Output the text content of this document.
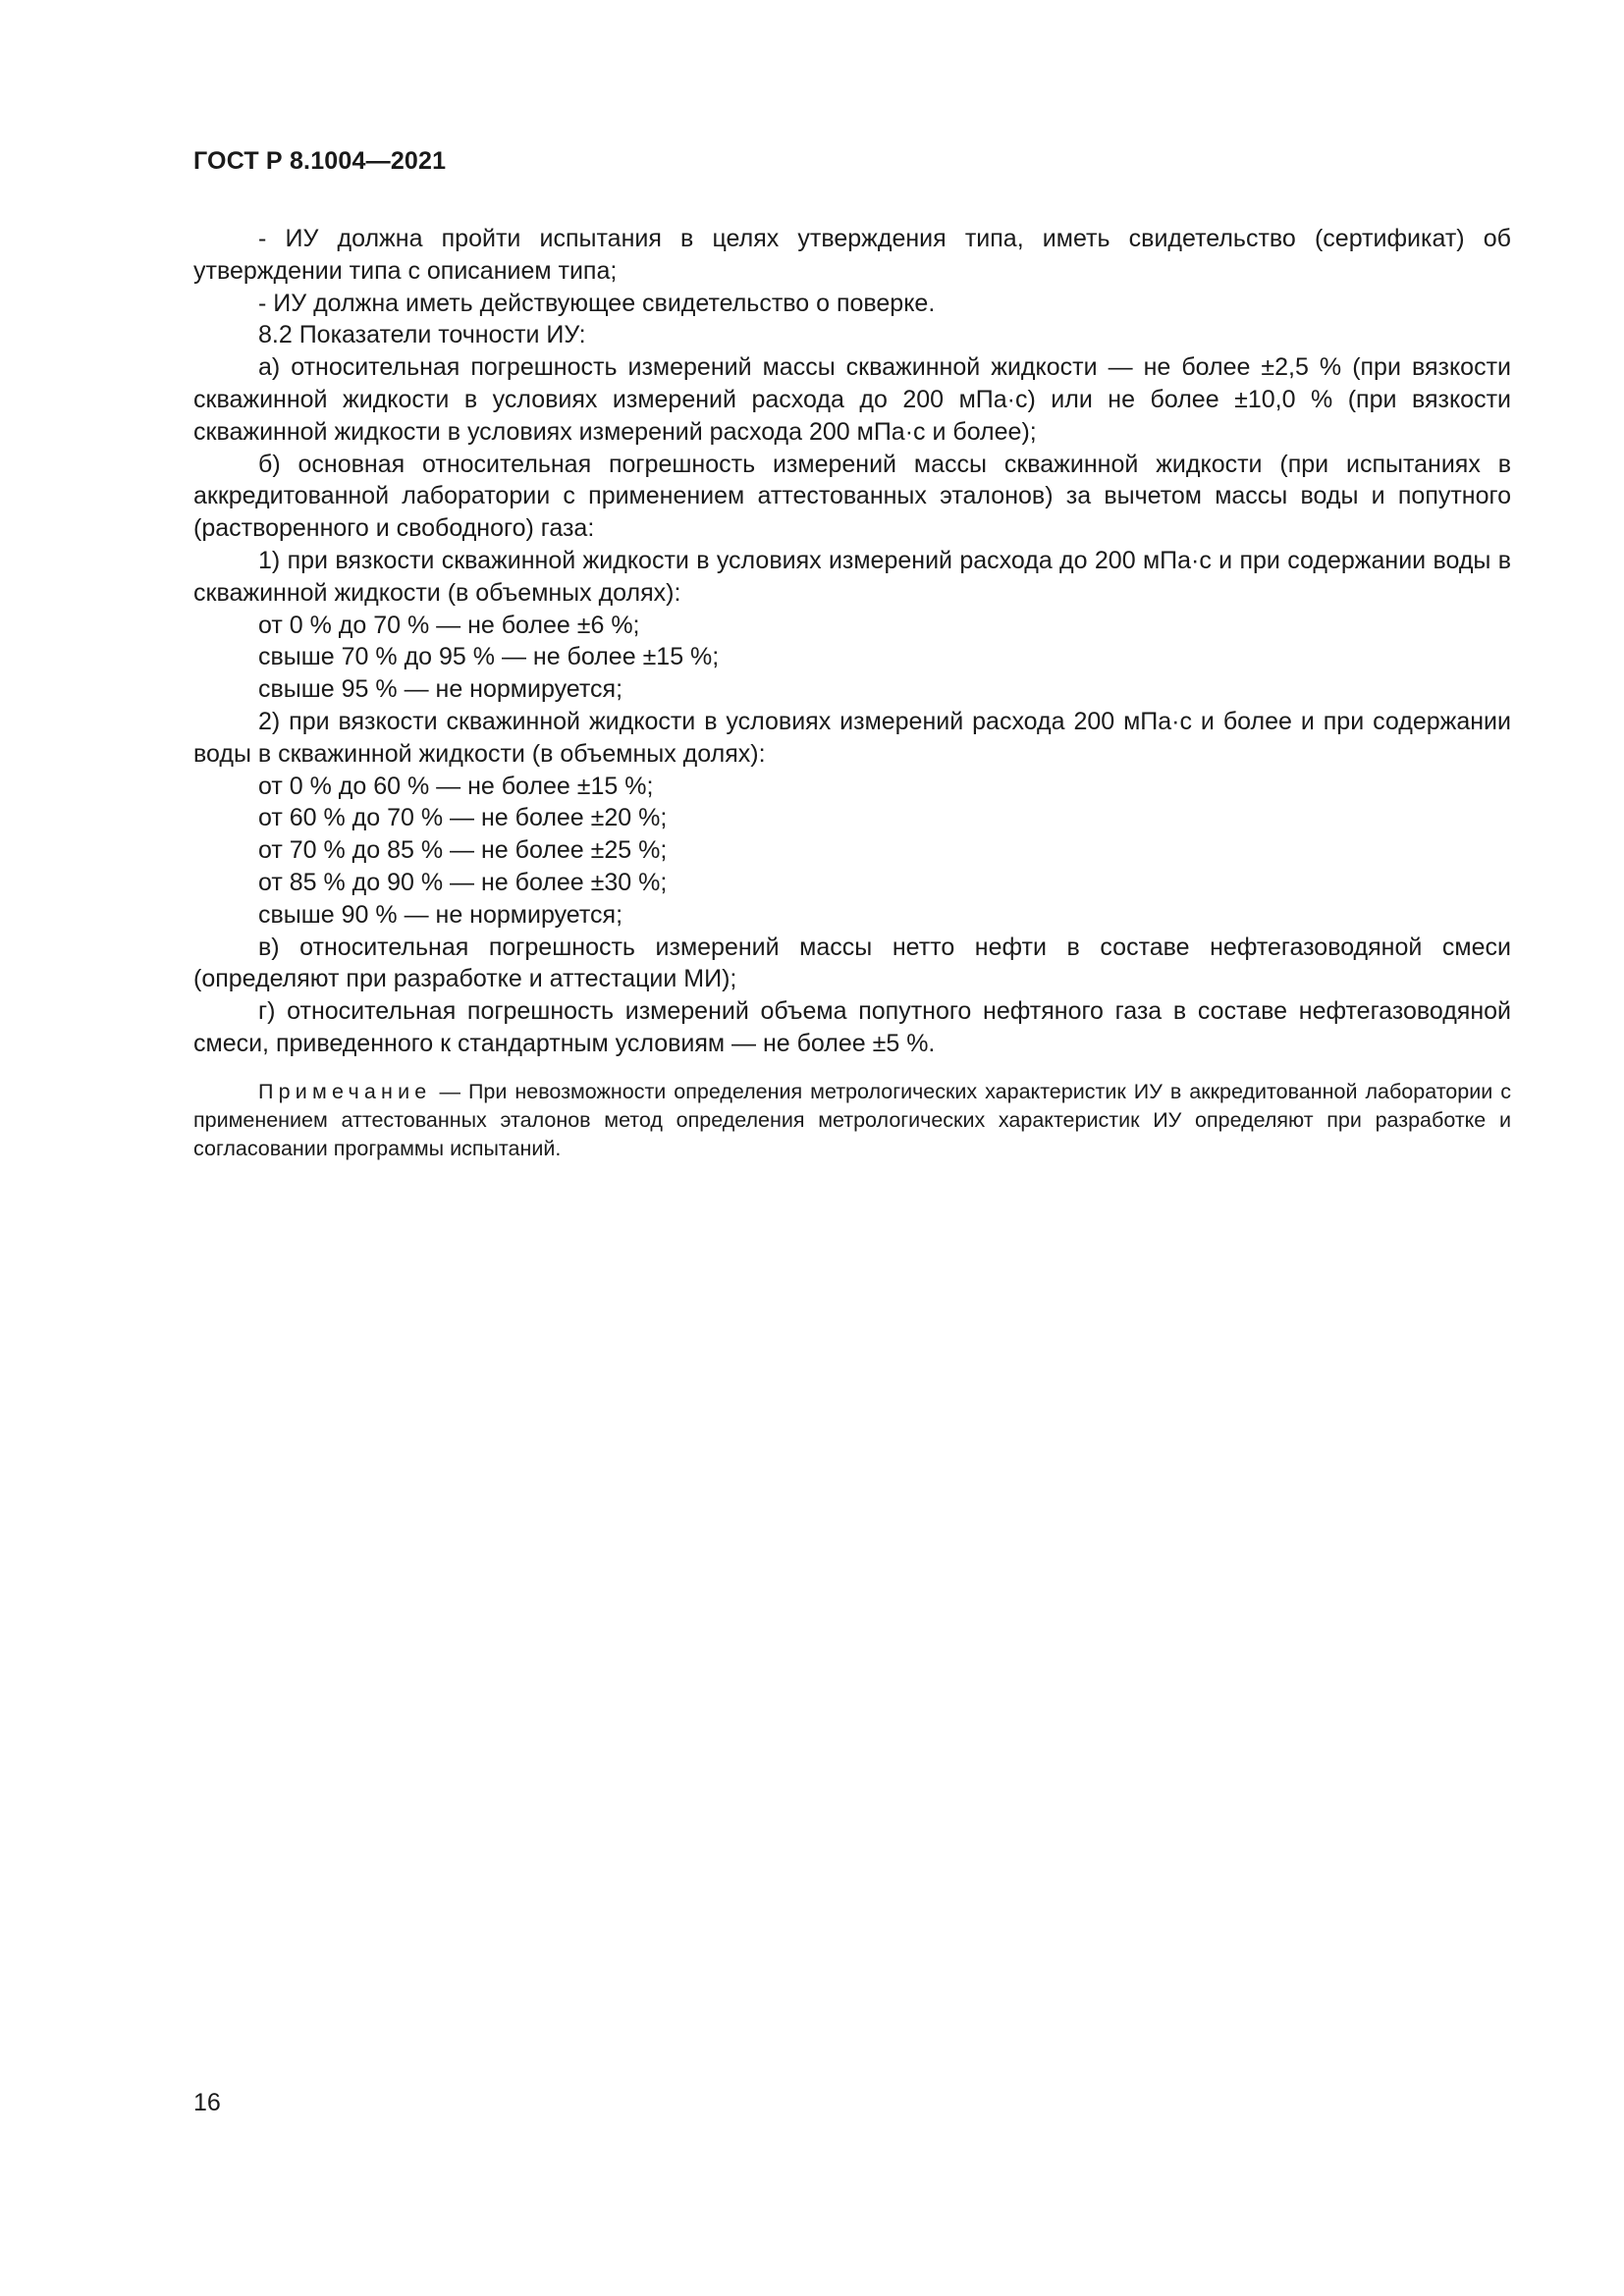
ГОСТ Р 8.1004—2021

- ИУ должна пройти испытания в целях утверждения типа, иметь свидетельство (сертификат) об утверждении типа с описанием типа;

- ИУ должна иметь действующее свидетельство о поверке.

8.2 Показатели точности ИУ:

а) относительная погрешность измерений массы скважинной жидкости — не более ±2,5 % (при вязкости скважинной жидкости в условиях измерений расхода до 200 мПа·с) или не более ±10,0 % (при вязкости скважинной жидкости в условиях измерений расхода 200 мПа·с и более);

б) основная относительная погрешность измерений массы скважинной жидкости (при испытаниях в аккредитованной лаборатории с применением аттестованных эталонов) за вычетом массы воды и попутного (растворенного и свободного) газа:

1) при вязкости скважинной жидкости в условиях измерений расхода до 200 мПа·с и при содержании воды в скважинной жидкости (в объемных долях):

от 0 % до 70 % — не более ±6 %;

свыше 70 % до 95 % — не более ±15 %;

свыше 95 % — не нормируется;

2) при вязкости скважинной жидкости в условиях измерений расхода 200 мПа·с и более и при содержании воды в скважинной жидкости (в объемных долях):

от 0 % до 60 % — не более ±15 %;

от 60 % до 70 % — не более ±20 %;

от 70 % до 85 % — не более ±25 %;

от 85 % до 90 % — не более ±30 %;

свыше 90 % — не нормируется;

в) относительная погрешность измерений массы нетто нефти в составе нефтегазоводяной смеси (определяют при разработке и аттестации МИ);

г) относительная погрешность измерений объема попутного нефтяного газа в составе нефтегазоводяной смеси, приведенного к стандартным условиям — не более ±5 %.

Примечание — При невозможности определения метрологических характеристик ИУ в аккредитованной лаборатории с применением аттестованных эталонов метод определения метрологических характеристик ИУ определяют при разработке и согласовании программы испытаний.

16
